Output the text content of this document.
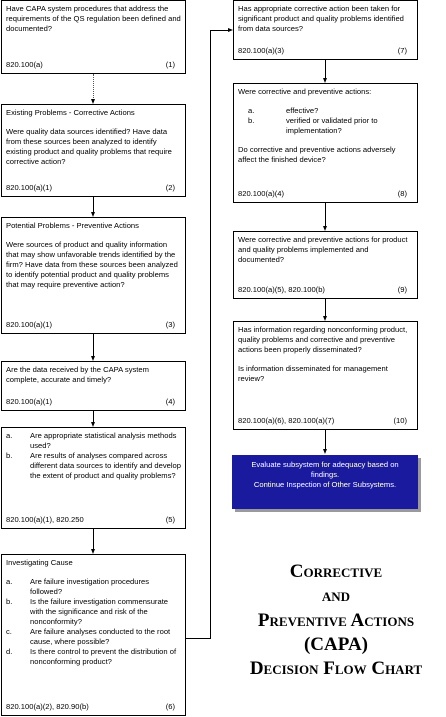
Have CAPA system procedures that address the requirements of the QS regulation been defined and documented?

820.100(a)	(1)

Existing Problems - Corrective Actions

Were quality data sources identified? Have data from these sources been analyzed to identify existing product and quality problems that require corrective action?

820.100(a)(1)	(2)

Potential Problems - Preventive Actions

Were sources of product and quality information that may show unfavorable trends identified by the firm? Have data from these sources been analyzed to identify potential product and quality problems that may require preventive action?

820.100(a)(1)	(3)

Are the data received by the CAPA system complete, accurate and timely?

820.100(a)(1)	(4)
a.	Are appropriate statistical analysis methods used?
b.	Are results of analyses compared across different data sources to identify and develop the extent of product and quality problems?
820.100(a)(1), 820.250	(5)

Investigating Cause

a.	Are failure investigation procedures followed?
b.	Is the failure investigation commensurate with the significance and risk of the nonconformity?
c.	Are failure analyses conducted to the root cause, where possible?
d.	Is there control to prevent the distribution of nonconforming product?
820.100(a)(2), 820.90(b)	(6)

Has appropriate corrective action been taken for significant product and quality problems identified from data sources?

820.100(a)(3)	(7)

Were corrective and preventive actions:

a.	effective?
b.	verified or validated prior to implementation?

Do corrective and preventive actions adversely affect the finished device?

820.100(a)(4)	(8)

Were corrective and preventive actions for product and quality problems implemented and documented?

820.100(a)(5), 820.100(b)	(9)

Has information regarding nonconforming product, quality problems and corrective and preventive actions been properly disseminated?

Is information disseminated for management review?

820.100(a)(6), 820.100(a)(7)	(10)

Evaluate subsystem for adequacy based on findings.

Continue Inspection of Other Subsystems.

Corrective
and
Preventive Actions
(CAPA)
Decision Flow Chart
